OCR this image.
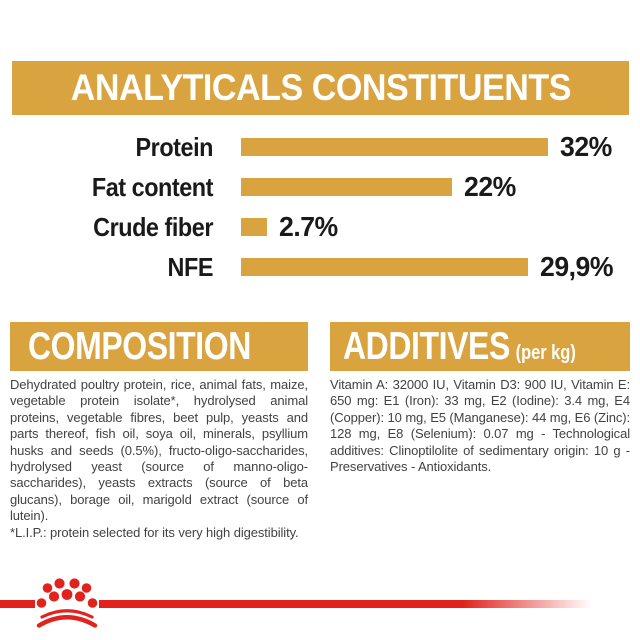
ANALYTICALS CONSTITUENTS
Protein	32%
Fat content	22%
Crude fiber 2.7%
NFE	29,9%
COMPOSITION

Dehydrated poultry protein, rice, animal fats, maize, vegetable protein isolate*, hydrolysed animal proteins, vegetable fibres, beet pulp, yeasts and parts thereof, fish oil, soya oil, minerals, psyllium husks and seeds (0.5%), fructo-oligo-saccharides, hydrolysed yeast (source of manno-oligo-saccharides), yeasts extracts (source of beta glucans), borage oil, marigold extract (source of lutein).

*L.I.P.: protein selected for its very high digestibility.

ADDITIVES (per kg)

Vitamin A: 32000 IU, Vitamin D3: 900 IU, Vitamin E: 650 mg: E1 (Iron): 33 mg, E2 (Iodine): 3.4 mg, E4 (Copper): 10 mg, E5 (Manganese): 44 mg, E6 (Zinc): 128 mg, E8 (Selenium): 0.07 mg - Technological additives: Clinoptilolite of sedimentary origin: 10 g - Preservatives - Antioxidants.
